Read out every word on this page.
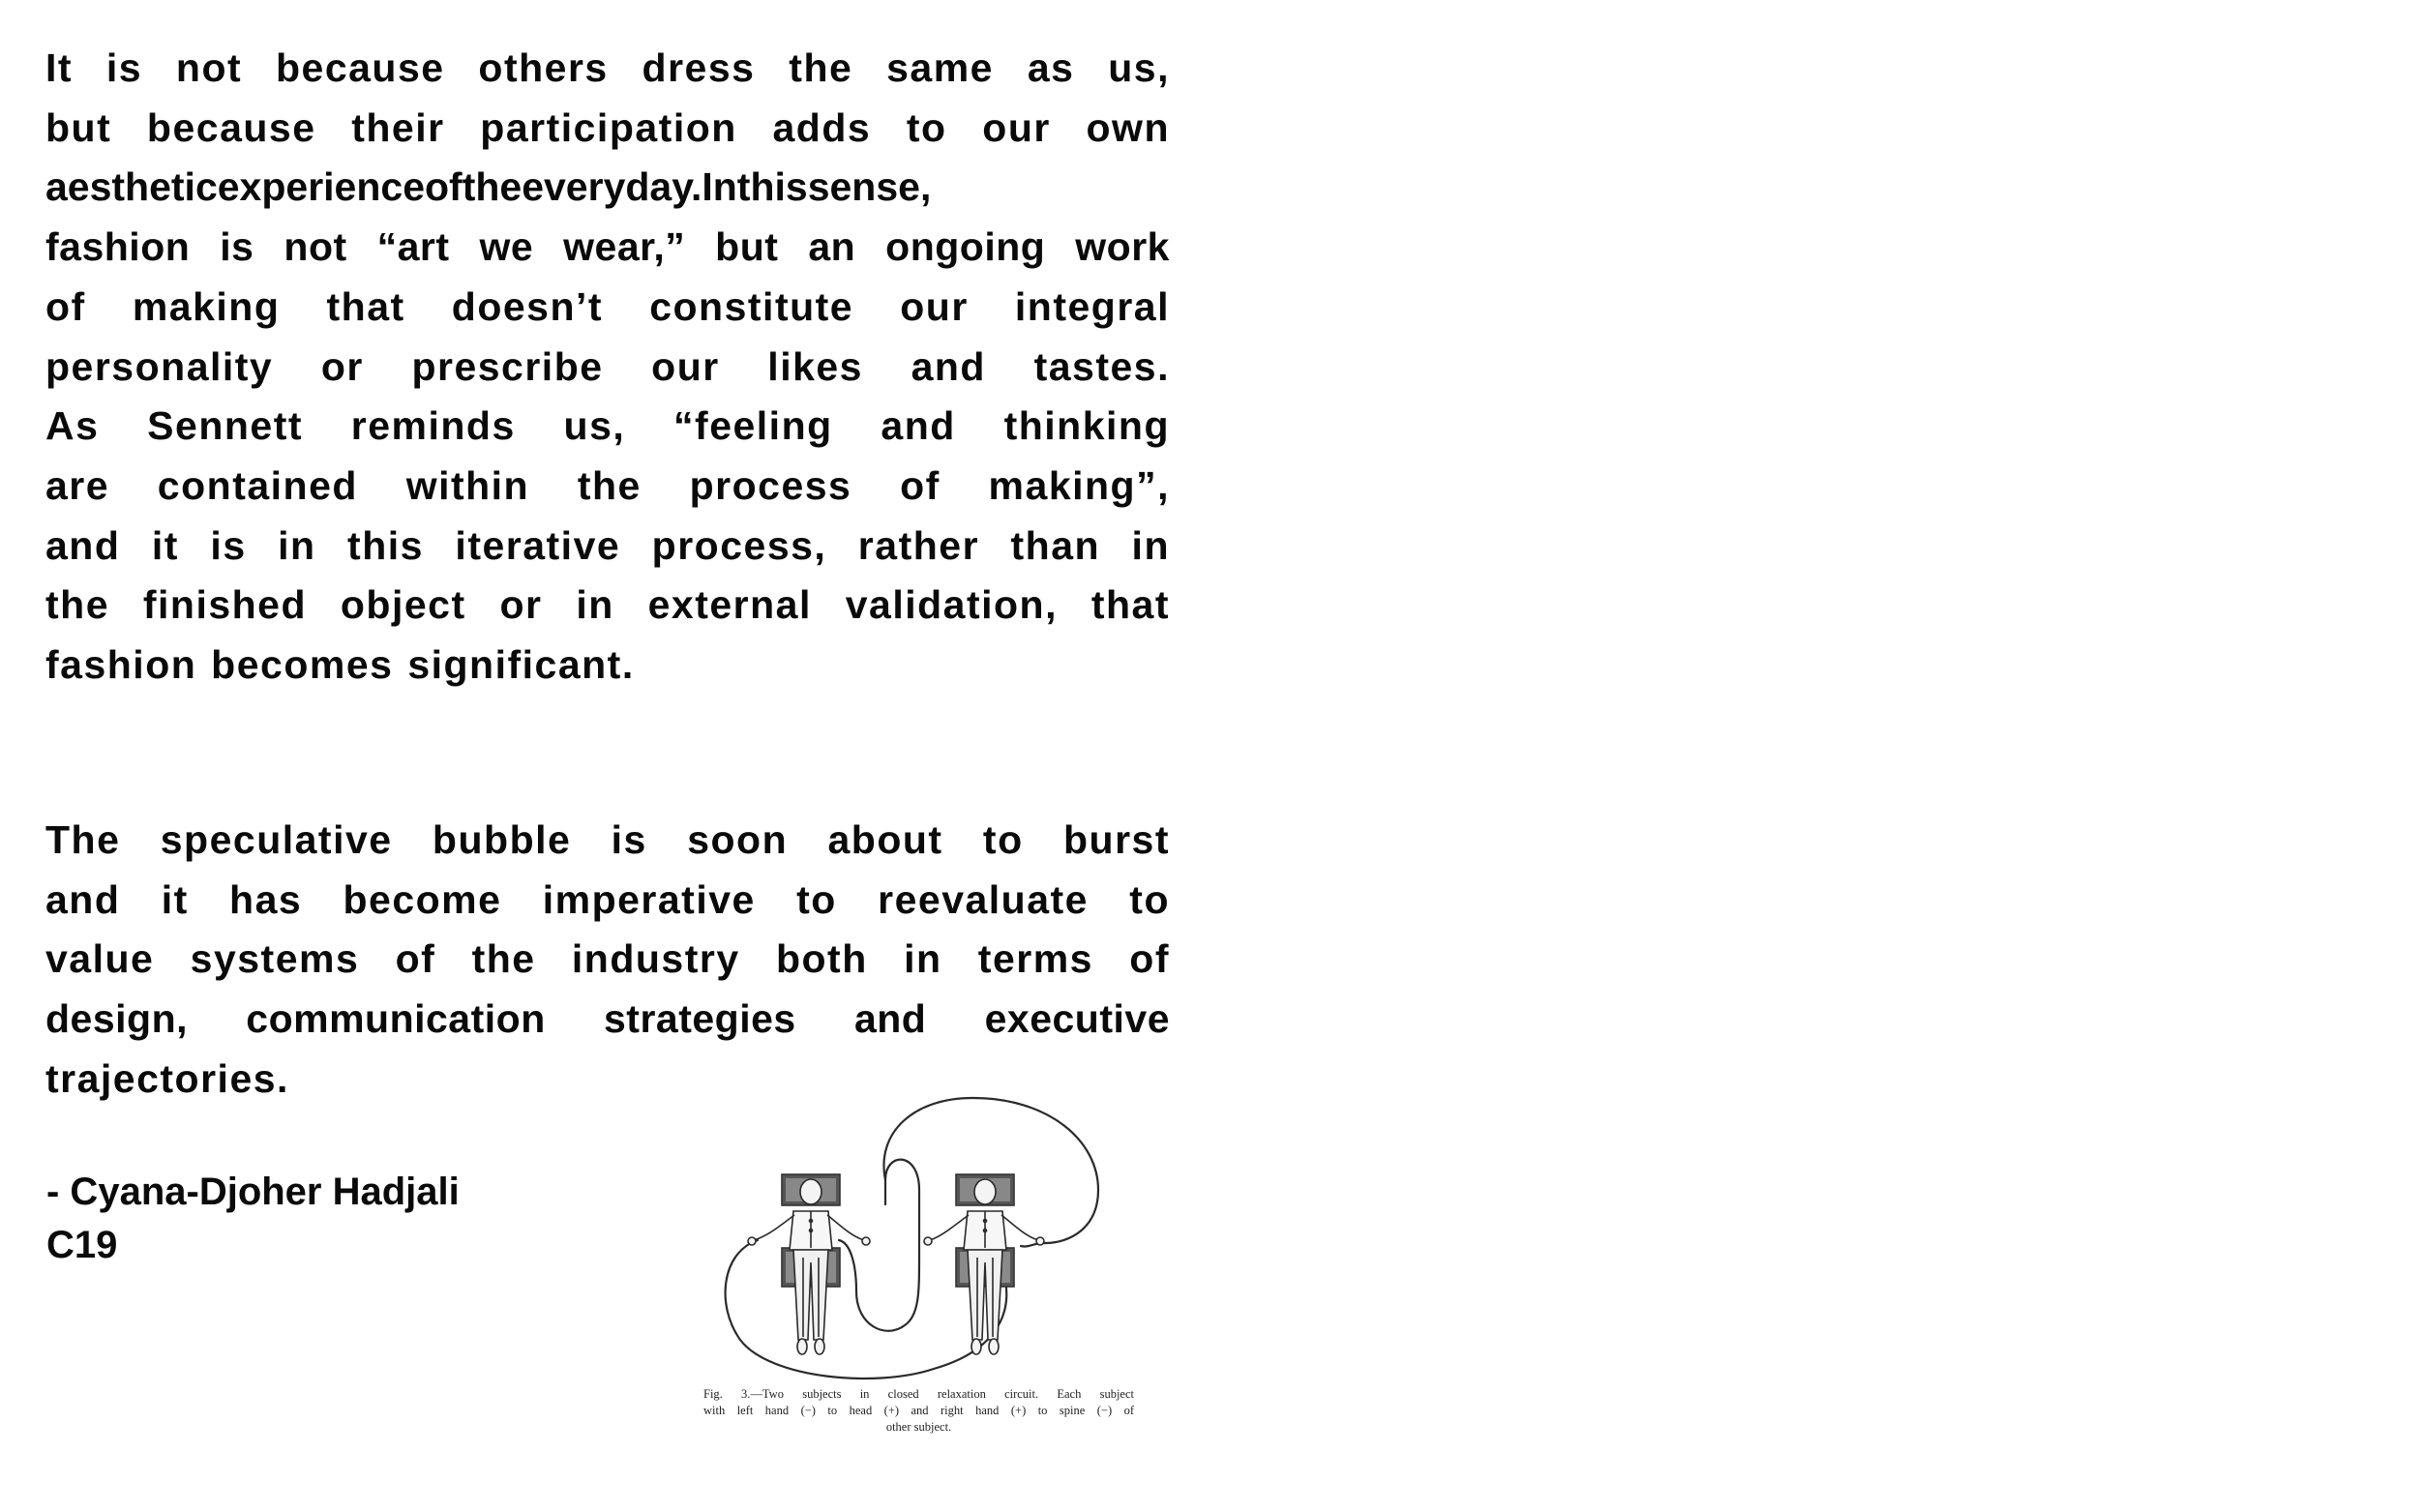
It is not because others dress the same as us,
but because their participation adds to our own
aestheticexperienceoftheeveryday.Inthissense,
fashion is not “art we wear,” but an ongoing work
of making that doesn’t constitute our integral
personality or prescribe our likes and tastes.
As Sennett reminds us, “feeling and thinking
are contained within the process of making”,
and it is in this iterative process, rather than in
the finished object or in external validation, that
fashion becomes significant.
The speculative bubble is soon about to burst
and it has become imperative to reevaluate to
value systems of the industry both in terms of
design, communication strategies and executive
trajectories.
- Cyana-Djoher Hadjali
C19
Fig. 3.—Two subjects in closed relaxation circuit. Each subject
with left hand (−) to head (+) and right hand (+) to spine (−) of
other subject.
